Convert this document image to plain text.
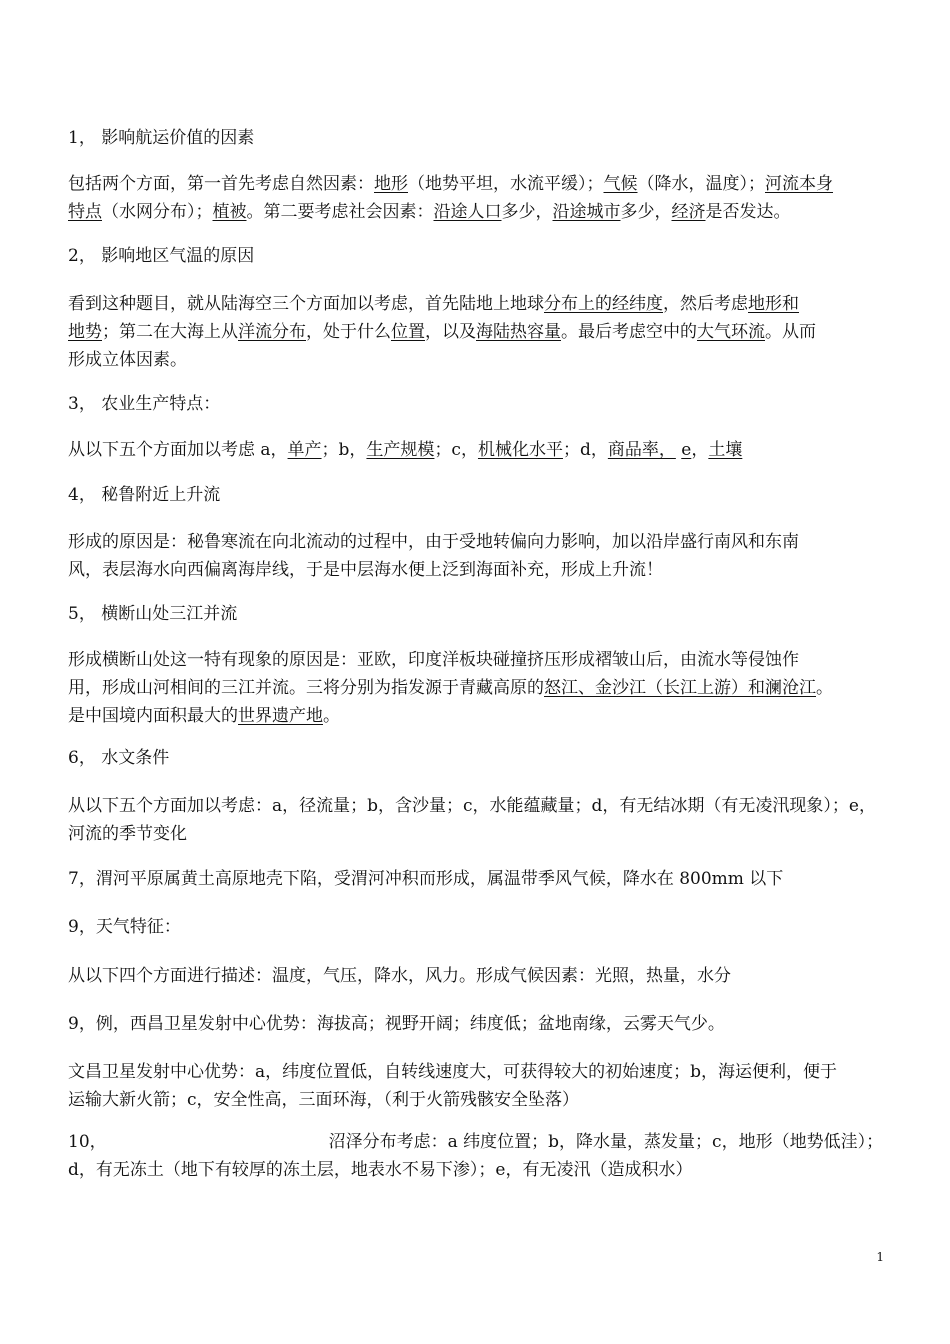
1， 影响航运价值的因素
包括两个方面，第一首先考虑自然因素：地形（地势平坦，水流平缓）；气候（降水，温度）；河流本身
特点（水网分布）；植被。第二要考虑社会因素：沿途人口多少，沿途城市多少，经济是否发达。
2， 影响地区气温的原因
看到这种题目，就从陆海空三个方面加以考虑，首先陆地上地球分布上的经纬度，然后考虑地形和
地势；第二在大海上从洋流分布，处于什么位置，以及海陆热容量。最后考虑空中的大气环流。从而
形成立体因素。
3， 农业生产特点：
从以下五个方面加以考虑 a，单产；b，生产规模；c，机械化水平；d，商品率， e，土壤
4， 秘鲁附近上升流
形成的原因是：秘鲁寒流在向北流动的过程中，由于受地转偏向力影响，加以沿岸盛行南风和东南
风，表层海水向西偏离海岸线，于是中层海水便上泛到海面补充，形成上升流！
5， 横断山处三江并流
形成横断山处这一特有现象的原因是：亚欧，印度洋板块碰撞挤压形成褶皱山后，由流水等侵蚀作
用，形成山河相间的三江并流。三将分别为指发源于青藏高原的怒江、金沙江（长江上游）和澜沧江。
是中国境内面积最大的世界遗产地。
6， 水文条件
从以下五个方面加以考虑：a，径流量；b，含沙量；c，水能蕴藏量；d，有无结冰期（有无凌汛现象）；e，
河流的季节变化
7，渭河平原属黄土高原地壳下陷，受渭河冲积而形成，属温带季风气候，降水在 800mm 以下
9，天气特征：
从以下四个方面进行描述：温度，气压，降水，风力。形成气候因素：光照，热量，水分
9，例，西昌卫星发射中心优势：海拔高；视野开阔；纬度低；盆地南缘，云雾天气少。
文昌卫星发射中心优势：a，纬度位置低，自转线速度大，可获得较大的初始速度；b，海运便利，便于
运输大新火箭；c，安全性高，三面环海，（利于火箭残骸安全坠落）
10，	沼泽分布考虑：a 纬度位置；b，降水量，蒸发量；c，地形（地势低洼）；
d，有无冻土（地下有较厚的冻土层，地表水不易下渗）；e，有无凌汛（造成积水）
1
